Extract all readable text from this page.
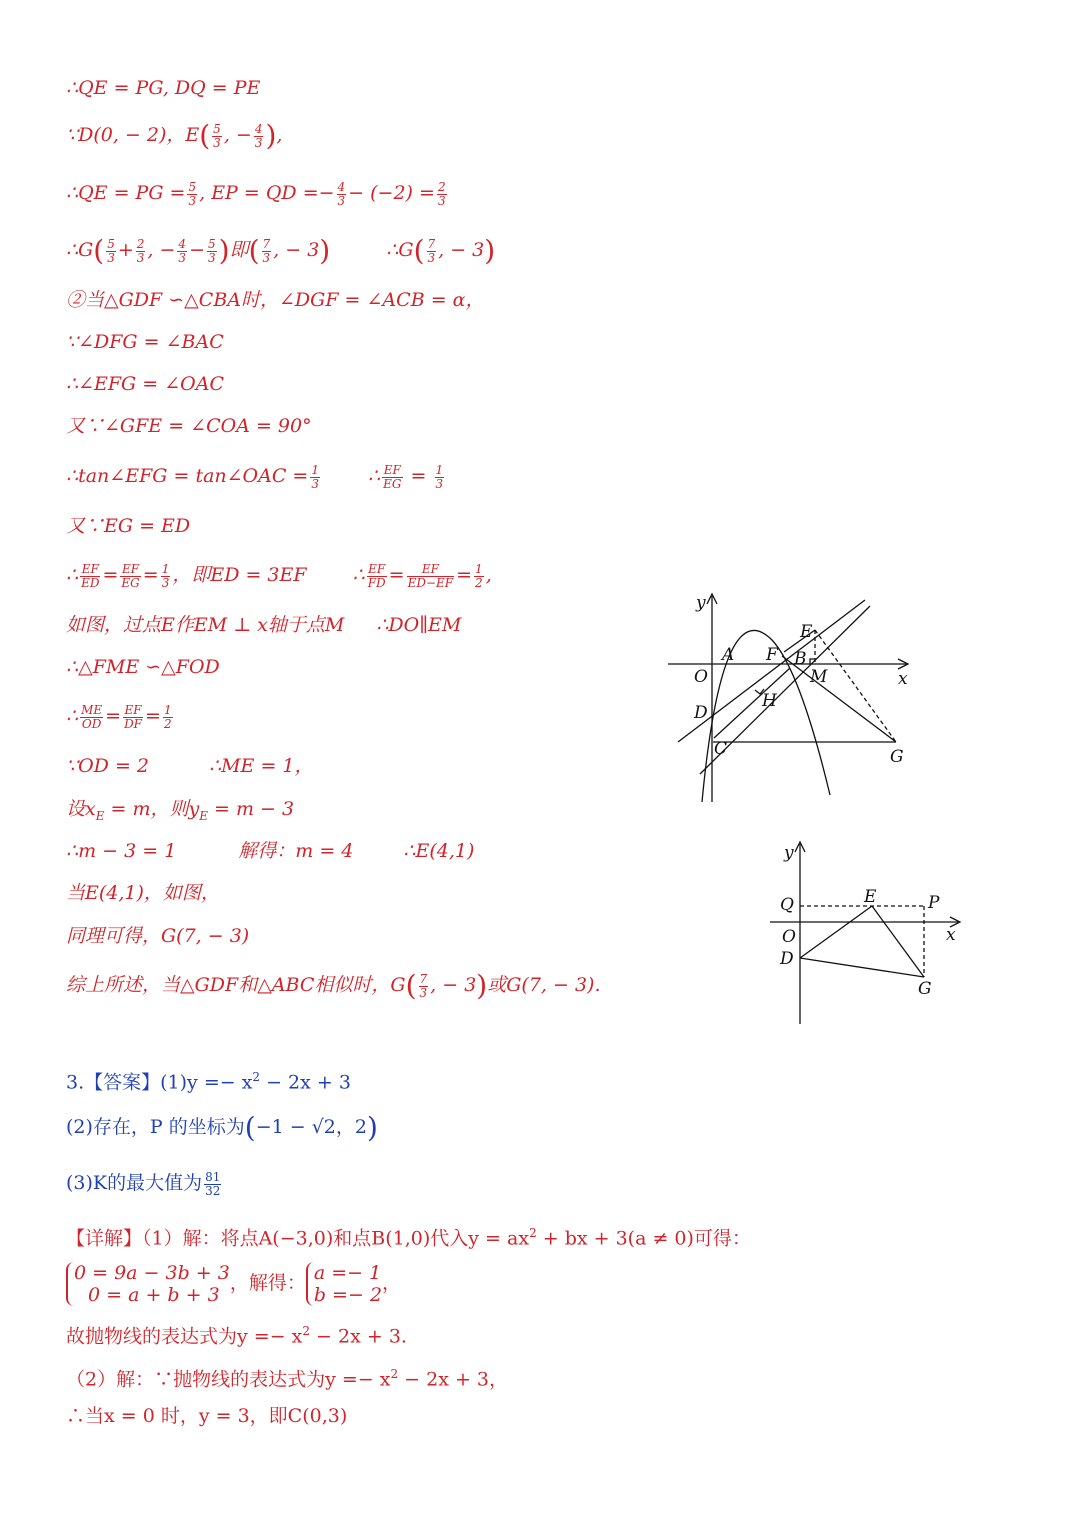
∴QE = PG, DQ = PE
∵D(0, − 2)，$E( \frac{5}{3}$ , − $\frac{4}{3}$ ),
∴QE = PG = $\frac{5}{3}$ , EP = QD =− $\frac{4}{3} - (-2) = \frac{2}{3}$
∴G( $\frac{5}{3} + \frac{2}{3}$ , − $\frac{4}{3} - \frac{5}{3}$ )即( $\frac{7}{3}$ , − 3)	∴G( $\frac{7}{3}$ , − 3)
②当△GDF ∽△CBA时，∠DGF = ∠ACB = α，
∵∠DFG = ∠BAC
∴∠EFG = ∠OAC
又∵∠GFE = ∠COA = 90°
∴tan∠EFG = tan∠OAC = $\frac{1}{3}$	∴ $\frac{EF}{EG} = \frac{1}{3}$
又∵EG = ED
∴ $\frac{EF}{ED} = \frac{EF}{EG} = \frac{1}{3}$ ，即ED = 3EF ∴ $\frac{EF}{FD} = \frac{EF}{ED-EF} = \frac{1}{2}$ ,
如图，过点E作EM ⊥ x轴于点M ∴DO∥EM
∴△FME ∽△FOD
∴ $\frac{ME}{OD} = \frac{EF}{DF} = \frac{1}{2}$
∵OD = 2	∴ME = 1，
设$x_E = m$，则$y_E = m - 3$
∴m − 3 = 1	解得：m = 4	∴E(4,1)
当E(4,1)，如图，
同理可得，G(7, − 3)
综上所述，当△GDF和△ABC相似时，$G( \frac{7}{3}$ , − 3)或G(7, − 3).
3.【答案】$(1)y =- x^2 - 2x + 3$
(2)存在，P 的坐标为(−1 − √2，2)
(3)K的最大值为 $\frac{81}{32}$
【详解】（1）解：将点A(−3,0)和点B(1,0)代入$y = ax^2$ + bx + 3(a ≠ 0)可得：
0 = 9a − 3b + 3
0 = a + b + 3
，解得： a =− 1
b =− 2
，
故抛物线的表达式为$y =- x^2 - 2x + 3$.
（2）解：∵抛物线的表达式为$y =- x^2 - 2x + 3$，
∴当x = 0 时，y = 3，即C(0,3)
y
x
O
A F B
E
M
H
D
C	G
y
x
Q	E	P
O
D
G
